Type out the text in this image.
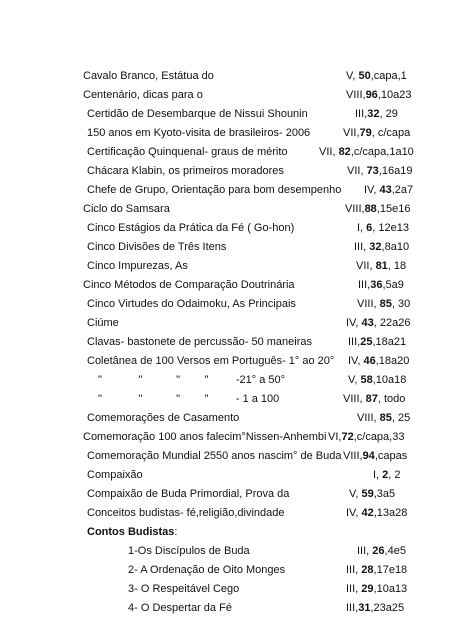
Cavalo Branco, Estátua do	V, 50,capa,1
Centenário, dicas para o	VIII,96,10a23
Certidão de Desembarque de Nissui Shounin	III,32, 29
150 anos em Kyoto-visita de brasileiros- 2006	VII,79, c/capa
Certificação Quinquenal- graus de mérito	VII, 82,c/capa,1a10
Chácara Klabin, os primeiros moradores	VII, 73,16a19
Chefe de Grupo, Orientação para bom desempenho IV, 43,2a7
Ciclo do Samsara	VIII,88,15e16
Cinco Estágios da Prática da Fé ( Go-hon)	I, 6, 12e13
Cinco Divisões de Três Itens	III, 32,8a10
Cinco Impurezas, As	VII, 81, 18
Cinco Métodos de Comparação Doutrinária	III,36,5a9
Cinco Virtudes do Odaimoku, As Principais	VIII, 85, 30
Ciúme	IV, 43, 22a26
Clavas- bastonete de percussão- 50 maneiras	III,25,18a21
Coletânea de 100 Versos em Português- 1° ao 20° IV, 46,18a20
"            "           "        "         -21° a 50°	V, 58,10a18
"            "           "        "         - 1 a 100	VIII, 87, todo
Comemorações de Casamento	VIII, 85, 25
Comemoração 100 anos falecim°Nissen-Anhembi VI,72,c/capa,33
Comemoração Mundial 2550 anos nascim° de Buda VIII,94,capas
Compaixão	I, 2, 2
Compaixão de Buda Primordial, Prova da	V, 59,3a5
Conceitos budistas- fé,religião,divindade	IV, 42,13a28
Contos Budistas:
1-Os Discípulos de Buda	III, 26,4e5
2- A Ordenação de Oito Monges	III, 28,17e18
3- O Respeitável Cego	III, 29,10a13
4- O Despertar da Fé	III,31,23a25
